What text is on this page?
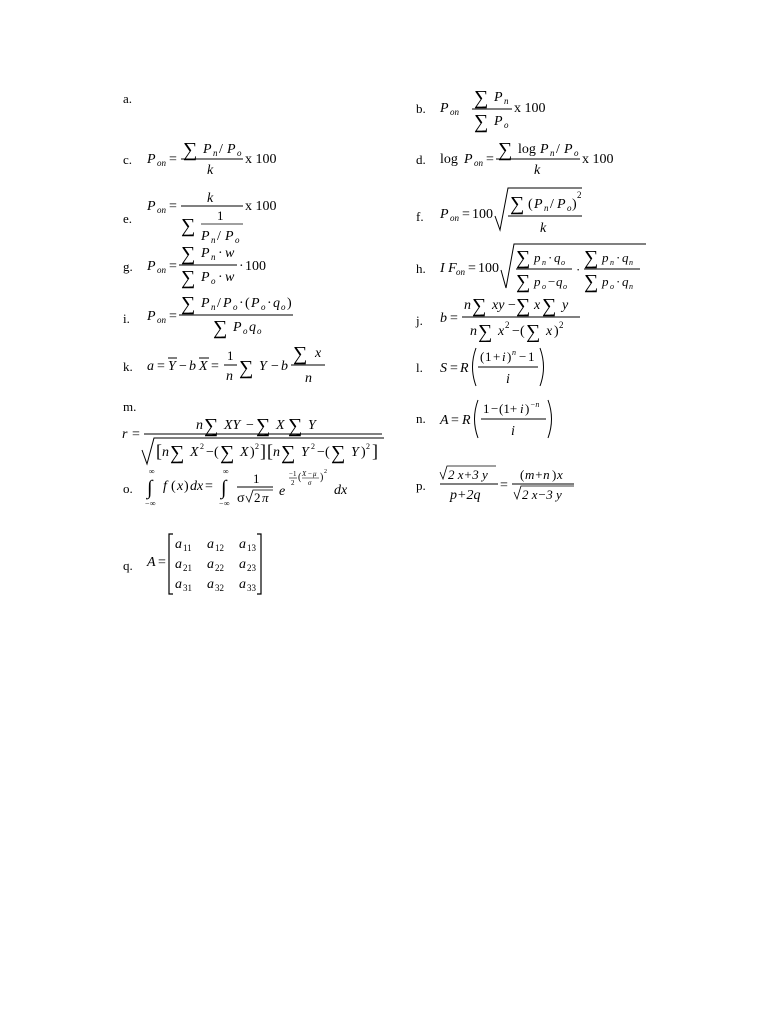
a.
b.
c.	d.
e.	f.
g.	h.
i.	j.
k.	l.
m.
n.
o.	p.
q.
P on
∑ P n
∑ P o
x 100
P on = ∑ P n / P o
k
x 100	log P on = ∑ log P n / P o
k
x 100
P on =
k
∑ 1
P n / P o
x 100
P on = 100 ∑ ( P n / P o )
2
k
P on =
∑ P n · w
∑ P o · w
· 100	I F on = 100 ∑ p n · q o
∑ p o − q o
·
∑ p n · q n
∑ p o · q n
P on =
∑ P n / P o · ( P o · q o )
∑ P o q o
b =
n ∑ xy − ∑ x ∑ y
n ∑ x 2 − ( ∑ x ) 2
a = Y − b X =
1
n ∑ Y − b
∑ x
n
S = R
( 1 + i ) n − 1
i
r =
n ∑ XY − ∑ X ∑ Y
[ n ∑ X 2 − ( ∑ X ) 2 ] [ n ∑ Y 2 − ( ∑ Y ) 2 ]
A = R
1 − (1+ i ) −n
i
∞
∫
− ∞
f ( x ) dx =
∞
∫
− ∞
1
σ 2 π e
−1
2 ( X − μ
σ ) 2
dx
2 x+3 y
p+2q
=
( m+n ) x
2 x−3 y
A =
a 11 a 12 a 13
a 21 a 22 a 23
a 31 a 32 a 33
